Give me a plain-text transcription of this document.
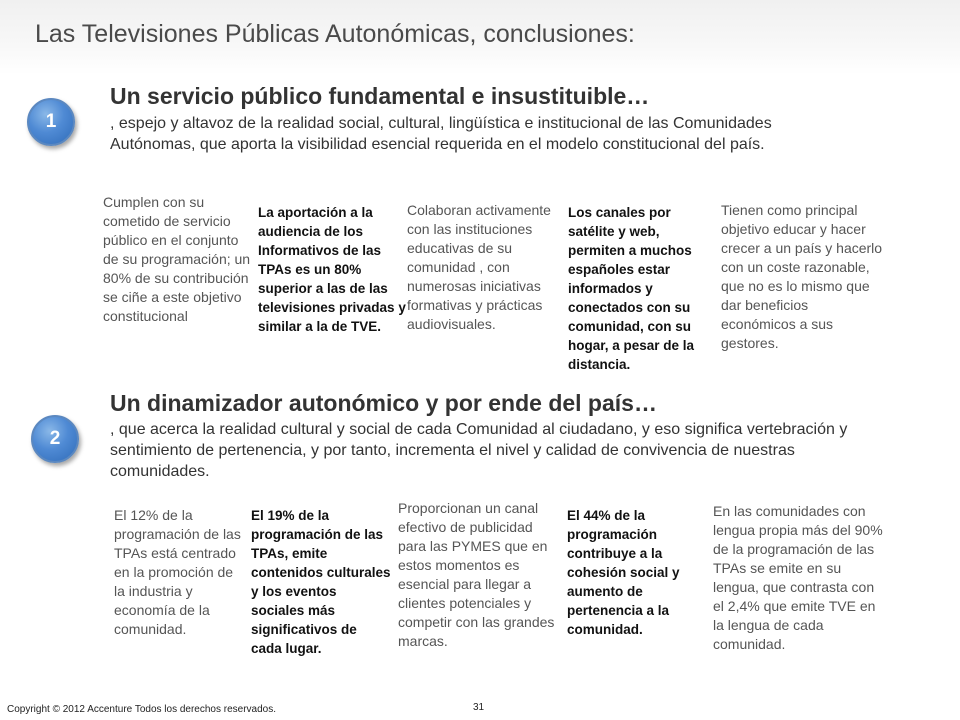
Las Televisiones Públicas Autonómicas, conclusiones:
1
Un servicio público fundamental e insustituible…
, espejo y altavoz de la realidad social, cultural, lingüística e institucional de las Comunidades Autónomas, que aporta la visibilidad esencial requerida en el modelo constitucional del país.
Cumplen con su cometido de servicio público en el conjunto de su programación; un 80% de su contribución se ciñe a este objetivo constitucional
La aportación a la audiencia de los Informativos de las TPAs es un 80% superior a las de las televisiones privadas y similar a la de TVE.
Colaboran activamente con las instituciones educativas de su comunidad , con numerosas iniciativas formativas y prácticas audiovisuales.
Los canales por satélite y web, permiten a muchos españoles estar informados y conectados con su comunidad, con su hogar, a pesar de la distancia.
Tienen como principal objetivo educar y hacer crecer a un país y hacerlo con un coste razonable, que no es lo mismo que dar beneficios económicos a sus gestores.
2
Un dinamizador autonómico y por ende del país…
, que acerca la realidad cultural y social de cada Comunidad al ciudadano, y eso significa vertebración y sentimiento de pertenencia, y por tanto, incrementa el nivel y calidad de convivencia de nuestras comunidades.
El 12% de la programación de las TPAs está centrado en la promoción de la industria y economía de la comunidad.
El 19% de la programación de las TPAs, emite contenidos culturales y los eventos sociales más significativos de cada lugar.
Proporcionan un canal efectivo de publicidad para las PYMES que en estos momentos es esencial para llegar a clientes potenciales y competir con las grandes marcas.
El 44% de la programación contribuye a la cohesión social y aumento de pertenencia a la comunidad.
En las comunidades con lengua propia más del 90% de la programación de las TPAs se emite en su lengua, que contrasta con el 2,4% que emite TVE en la lengua de cada comunidad.
Copyright © 2012 Accenture Todos los derechos reservados.	31
